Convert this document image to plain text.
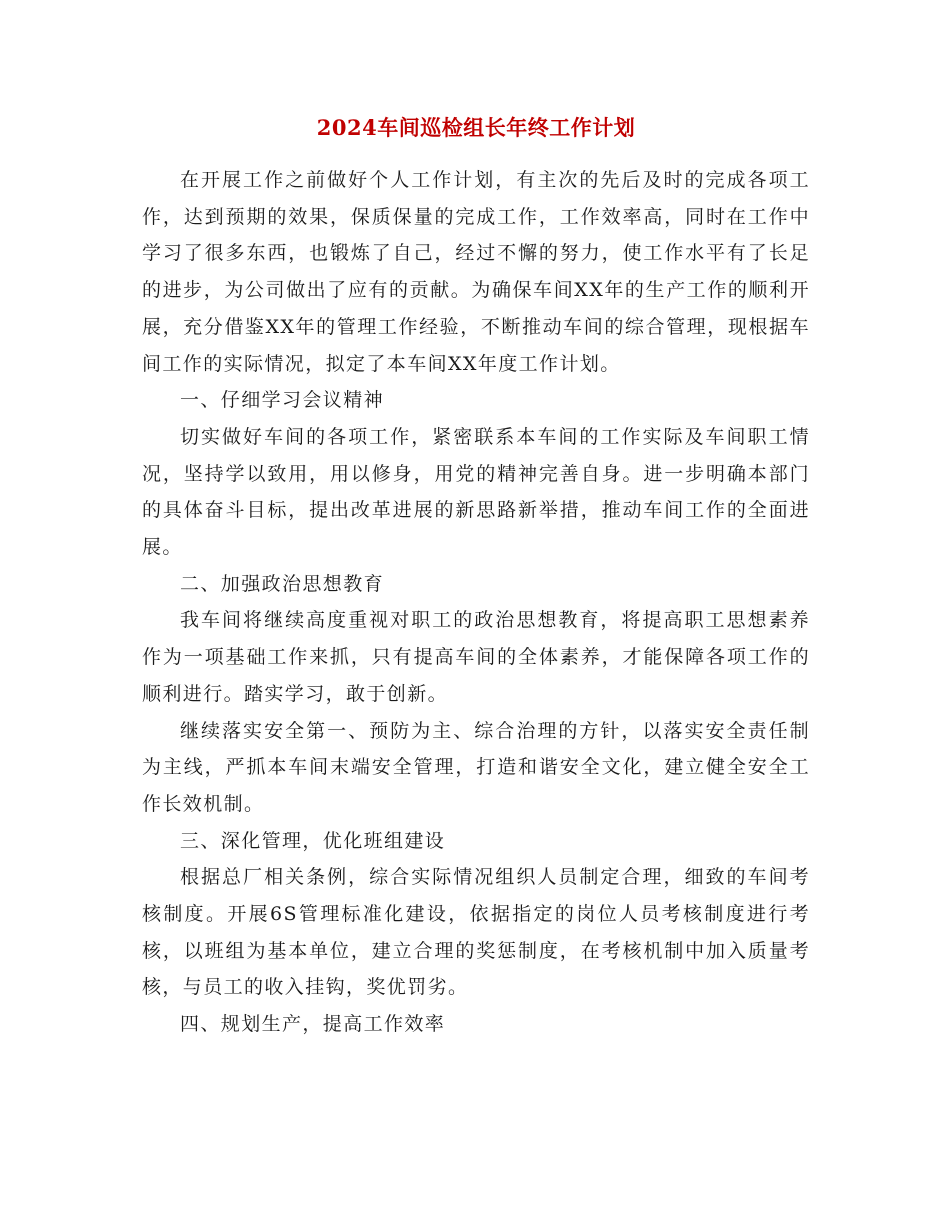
2024车间巡检组长年终工作计划

在开展工作之前做好个人工作计划，有主次的先后及时的完成各项工作，达到预期的效果，保质保量的完成工作，工作效率高，同时在工作中学习了很多东西，也锻炼了自己，经过不懈的努力，使工作水平有了长足的进步，为公司做出了应有的贡献。为确保车间XX年的生产工作的顺利开展，充分借鉴XX年的管理工作经验，不断推动车间的综合管理，现根据车间工作的实际情况，拟定了本车间XX年度工作计划。

一、仔细学习会议精神

切实做好车间的各项工作，紧密联系本车间的工作实际及车间职工情况，坚持学以致用，用以修身，用党的精神完善自身。进一步明确本部门的具体奋斗目标，提出改革进展的新思路新举措，推动车间工作的全面进展。

二、加强政治思想教育

我车间将继续高度重视对职工的政治思想教育，将提高职工思想素养作为一项基础工作来抓，只有提高车间的全体素养，才能保障各项工作的顺利进行。踏实学习，敢于创新。

继续落实安全第一、预防为主、综合治理的方针，以落实安全责任制为主线，严抓本车间末端安全管理，打造和谐安全文化，建立健全安全工作长效机制。

三、深化管理，优化班组建设

根据总厂相关条例，综合实际情况组织人员制定合理，细致的车间考核制度。开展6S管理标准化建设，依据指定的岗位人员考核制度进行考核，以班组为基本单位，建立合理的奖惩制度，在考核机制中加入质量考核，与员工的收入挂钩，奖优罚劣。

四、规划生产，提高工作效率
